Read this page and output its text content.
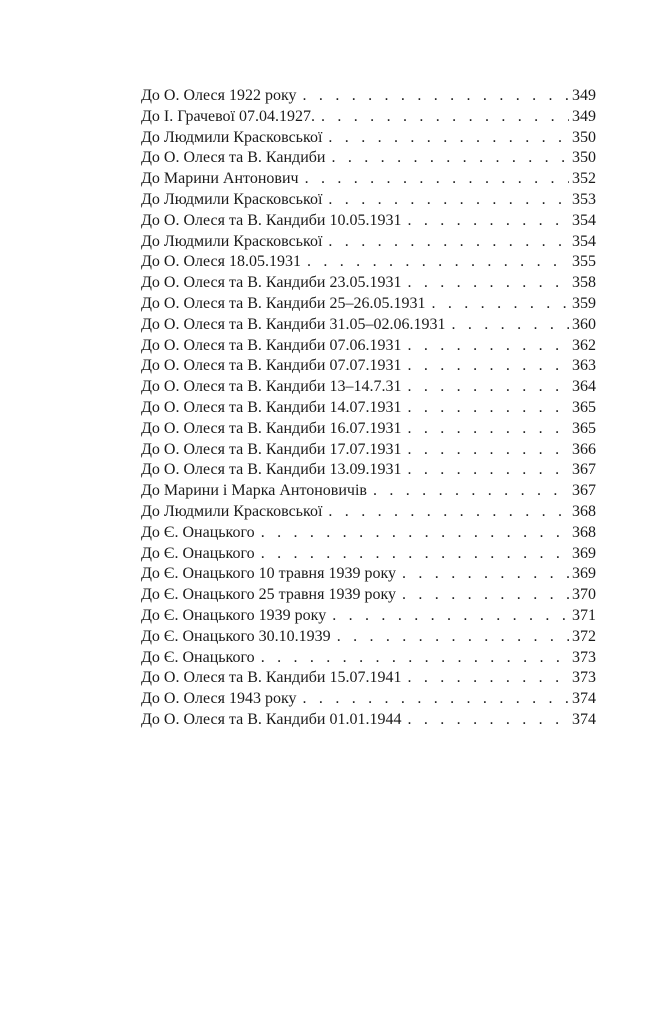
До О. Олеся 1922 року . . .	349
До І. Грачевої 07.04.1927. . . .	349
До Людмили Красковської . . .	350
До О. Олеся та В. Кандиби . . .	350
До Марини Антонович . . .	352
До Людмили Красковської . . .	353
До О. Олеся та В. Кандиби 10.05.1931 . . .	354
До Людмили Красковської . . .	354
До О. Олеся 18.05.1931 . . .	355
До О. Олеся та В. Кандиби 23.05.1931 . . .	358
До О. Олеся та В. Кандиби 25–26.05.1931 . . .	359
До О. Олеся та В. Кандиби 31.05–02.06.1931 . . .	360
До О. Олеся та В. Кандиби 07.06.1931 . . .	362
До О. Олеся та В. Кандиби 07.07.1931 . . .	363
До О. Олеся та В. Кандиби 13–14.7.31 . . .	364
До О. Олеся та В. Кандиби 14.07.1931 . . .	365
До О. Олеся та В. Кандиби 16.07.1931 . . .	365
До О. Олеся та В. Кандиби 17.07.1931 . . .	366
До О. Олеся та В. Кандиби 13.09.1931 . . .	367
До Марини і Марка Антоновичів . . .	367
До Людмили Красковської . . .	368
До Є. Онацького . . .	368
До Є. Онацького . . .	369
До Є. Онацького 10 травня 1939 року . . .	369
До Є. Онацького 25 травня 1939 року . . .	370
До Є. Онацького 1939 року . . .	371
До Є. Онацького 30.10.1939 . . .	372
До Є. Онацького . . .	373
До О. Олеся та В. Кандиби 15.07.1941 . . .	373
До О. Олеся 1943 року . . .	374
До О. Олеся та В. Кандиби 01.01.1944 . . .	374
